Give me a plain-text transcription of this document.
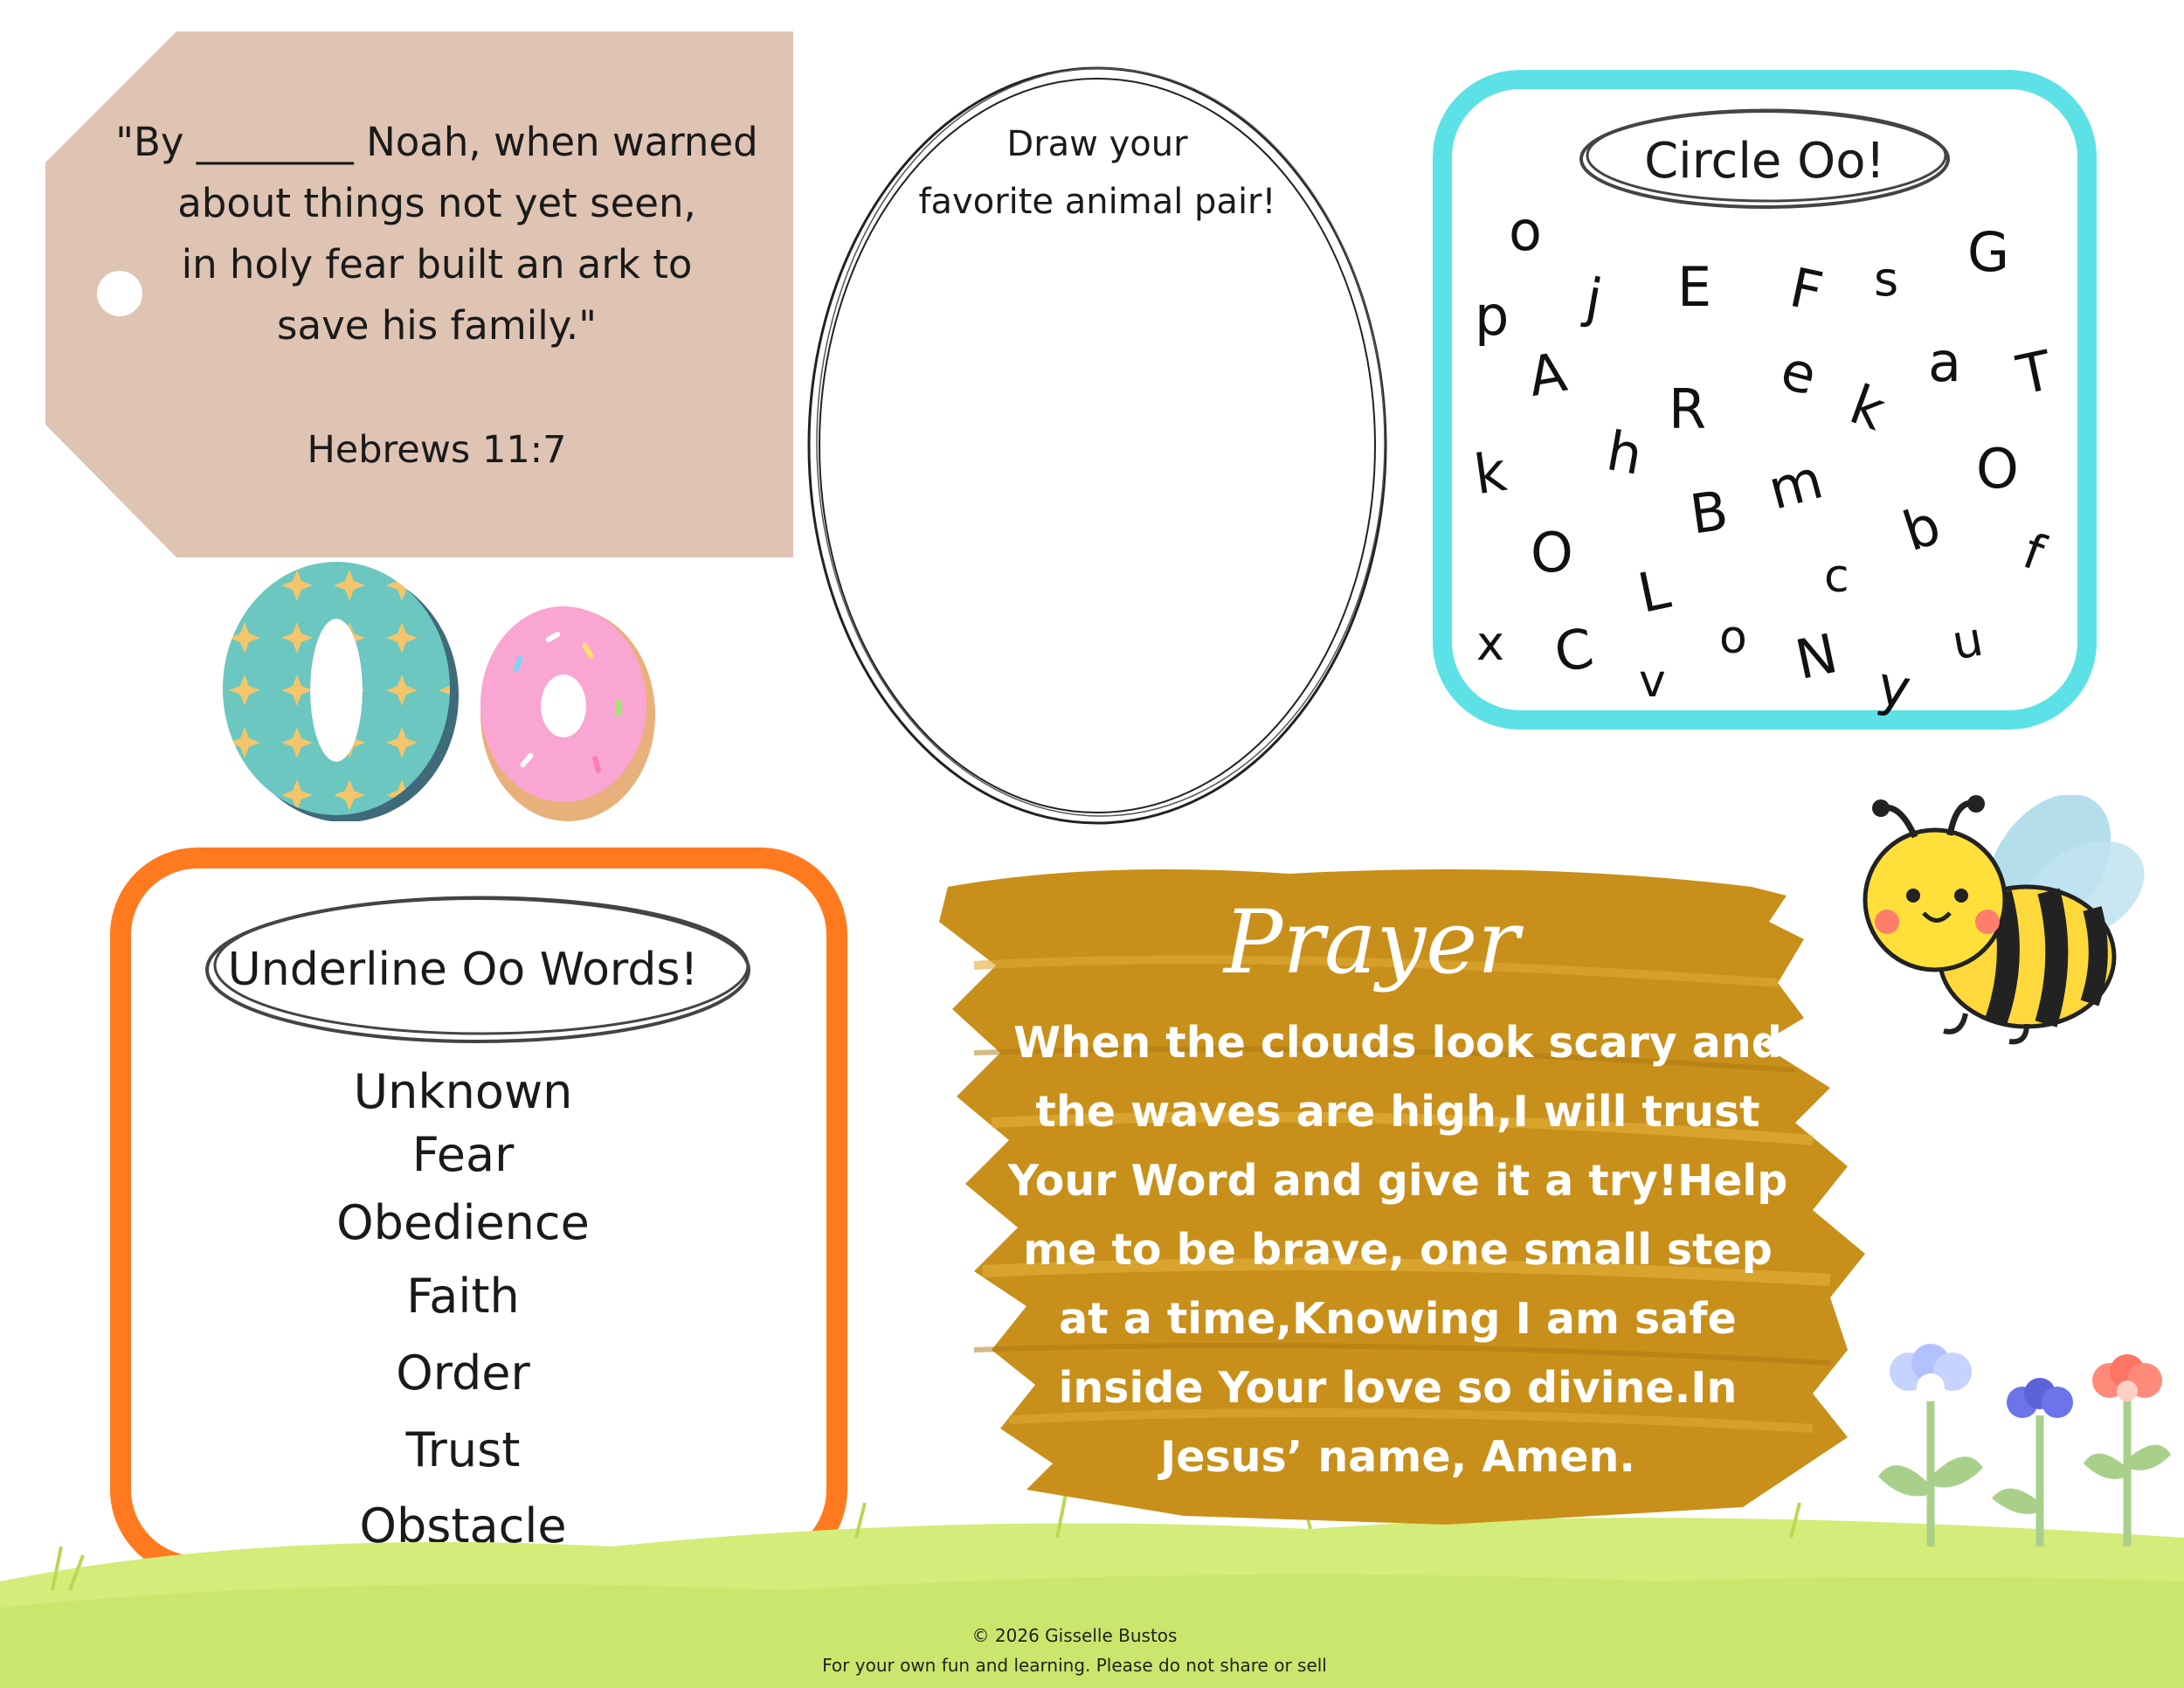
"By ________ Noah, when warned
about things not yet seen,
in holy fear built an ark to
save his family."
Hebrews 11:7
Draw your
favorite animal pair!
Circle Oo!
o
p j E F s G
A	e
R
a T
k
k h m	O
B
O	b f
L	c
x C	o N u
v	y
Underline Oo Words!
Unknown
Fear
Obedience
Faith
Order
Trust
Obstacle
Prayer
When the clouds look scary and
the waves are high,I will trust
Your Word and give it a try!Help
me to be brave, one small step
at a time,Knowing I am safe
inside Your love so divine.In
Jesus’ name, Amen.
© 2026 Gisselle Bustos
For your own fun and learning. Please do not share or sell
